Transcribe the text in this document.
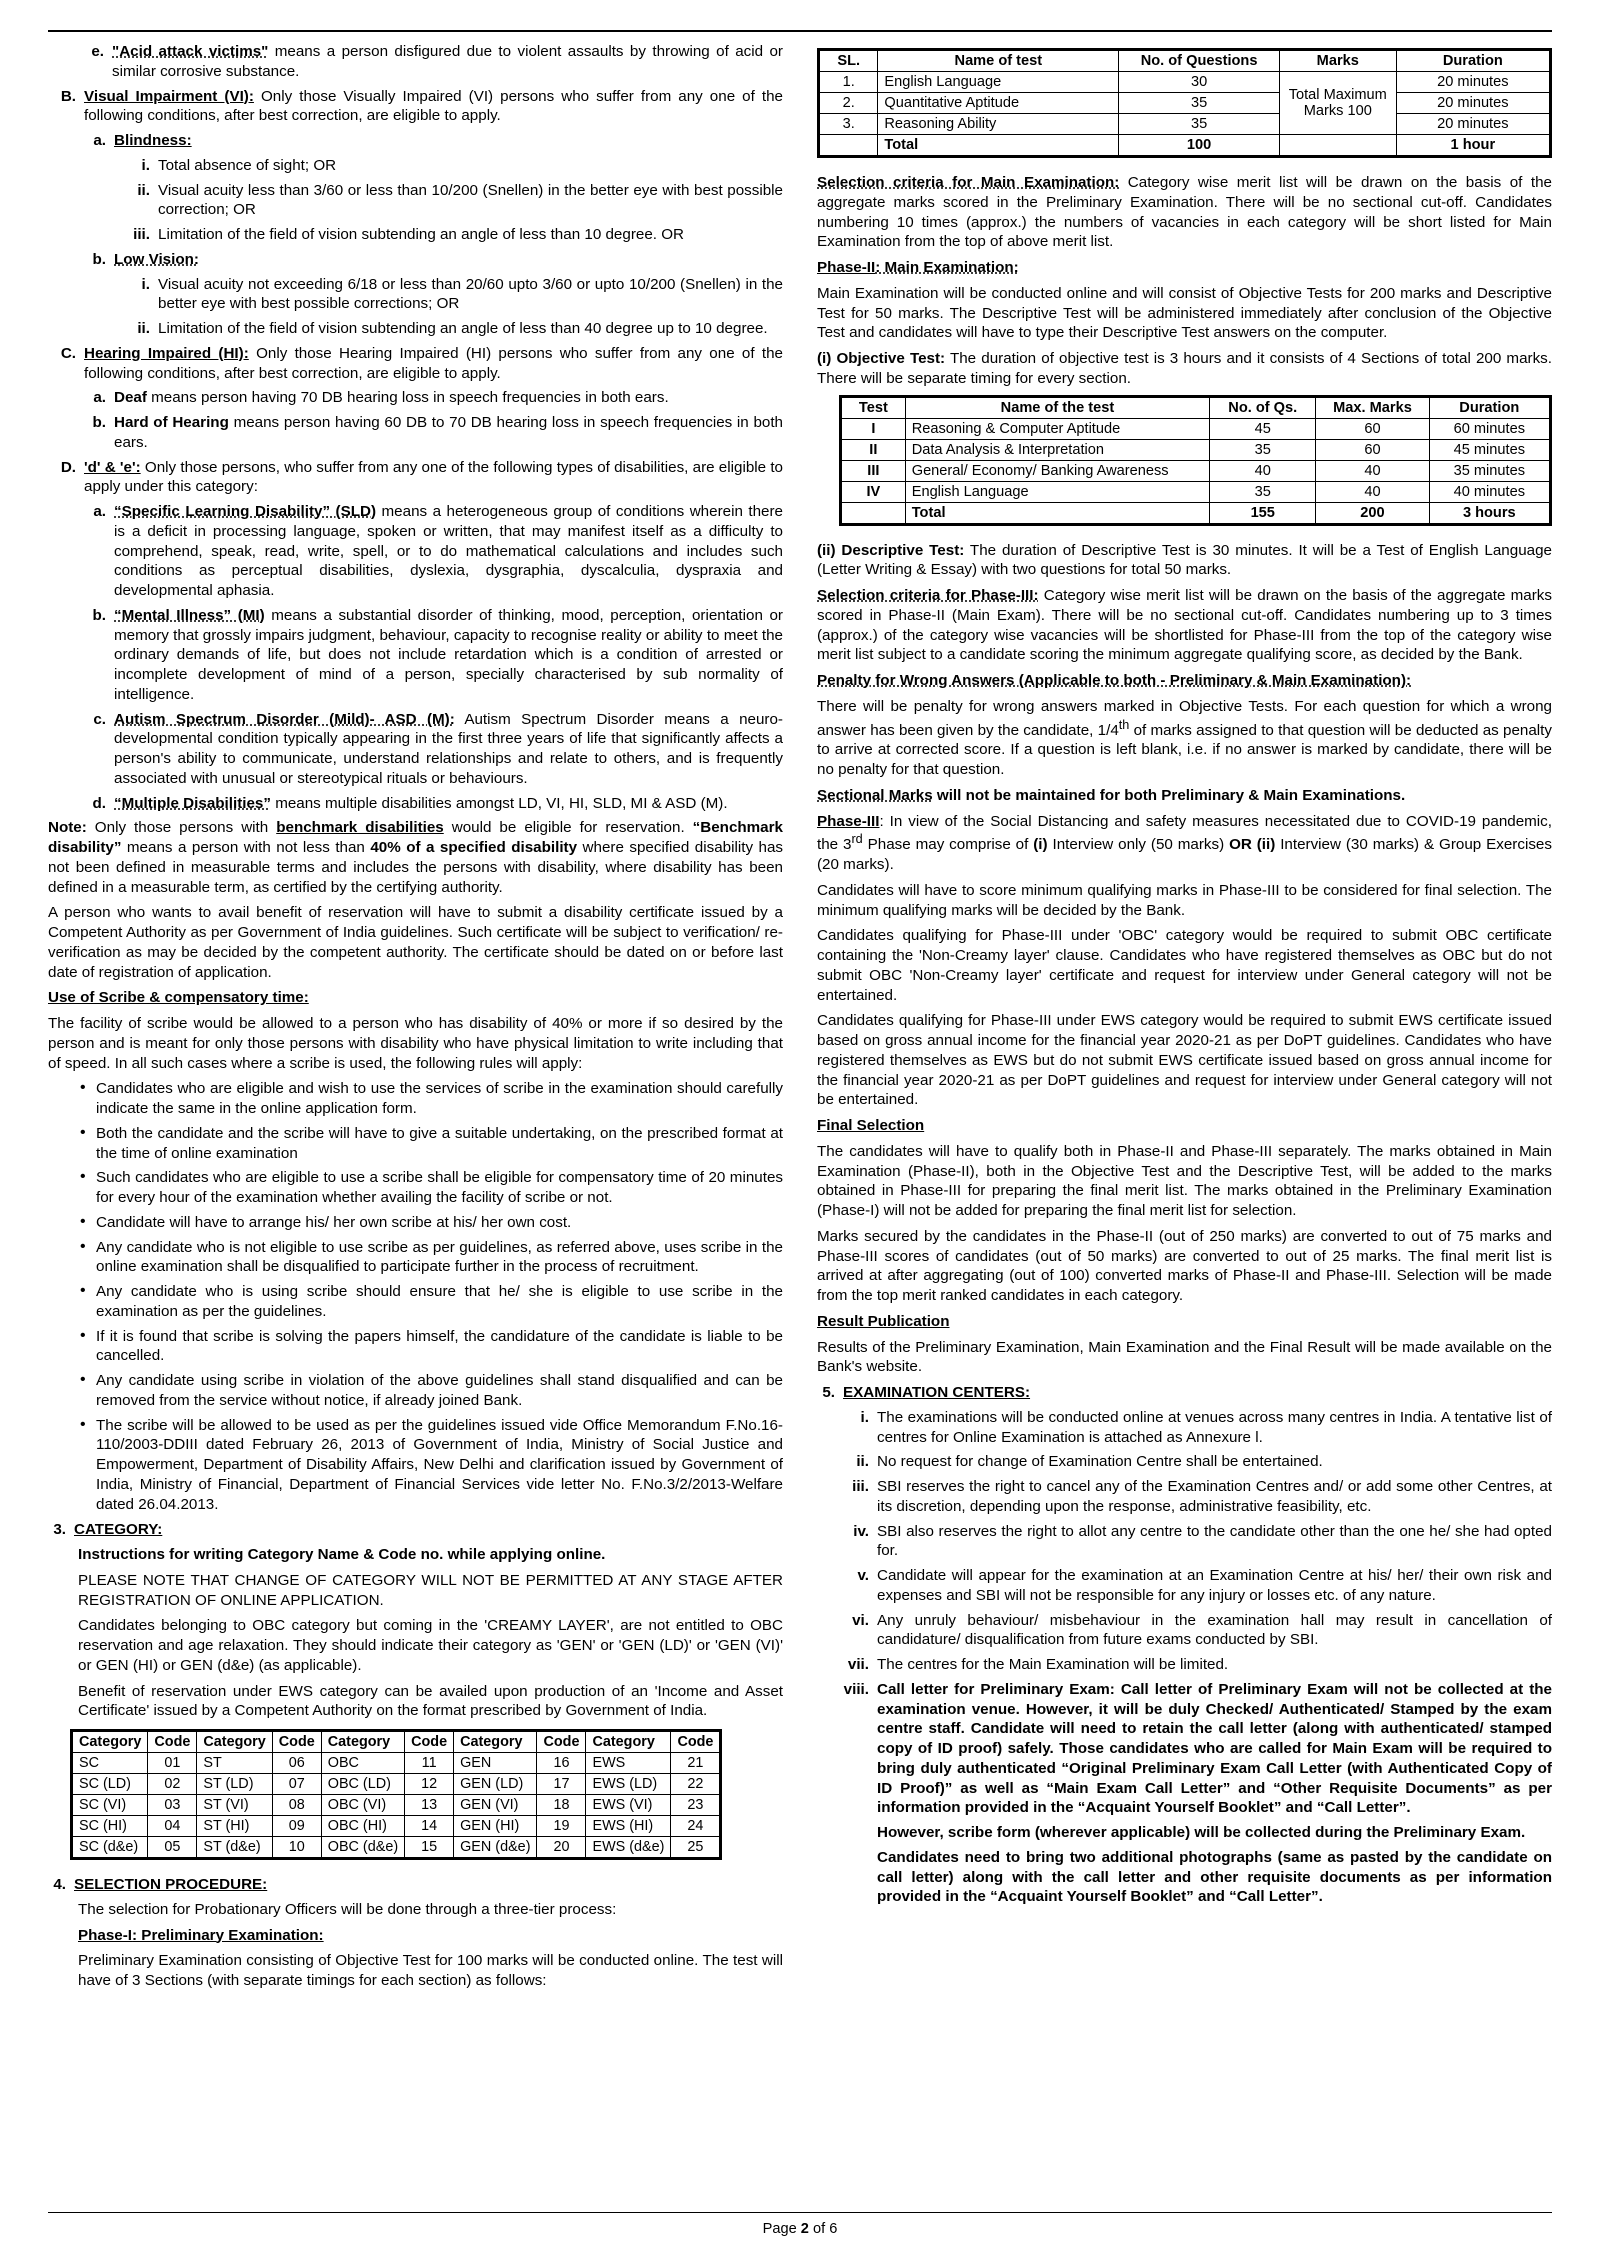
e. "Acid attack victims" means a person disfigured due to violent assaults by throwing of acid or similar corrosive substance.
B. Visual Impairment (VI): Only those Visually Impaired (VI) persons who suffer from any one of the following conditions, after best correction, are eligible to apply.
a. Blindness:
i. Total absence of sight; OR
ii. Visual acuity less than 3/60 or less than 10/200 (Snellen) in the better eye with best possible correction; OR
iii. Limitation of the field of vision subtending an angle of less than 10 degree. OR
b. Low Vision:
i. Visual acuity not exceeding 6/18 or less than 20/60 upto 3/60 or upto 10/200 (Snellen) in the better eye with best possible corrections; OR
ii. Limitation of the field of vision subtending an angle of less than 40 degree up to 10 degree.
C. Hearing Impaired (HI): Only those Hearing Impaired (HI) persons who suffer from any one of the following conditions, after best correction, are eligible to apply.
a. Deaf means person having 70 DB hearing loss in speech frequencies in both ears.
b. Hard of Hearing means person having 60 DB to 70 DB hearing loss in speech frequencies in both ears.
D. 'd' & 'e': Only those persons, who suffer from any one of the following types of disabilities, are eligible to apply under this category:
a. “Specific Learning Disability” (SLD) means a heterogeneous group of conditions wherein there is a deficit in processing language, spoken or written, that may manifest itself as a difficulty to comprehend, speak, read, write, spell, or to do mathematical calculations and includes such conditions as perceptual disabilities, dyslexia, dysgraphia, dyscalculia, dyspraxia and developmental aphasia.
b. “Mental Illness” (MI) means a substantial disorder of thinking, mood, perception, orientation or memory that grossly impairs judgment, behaviour, capacity to recognise reality or ability to meet the ordinary demands of life, but does not include retardation which is a condition of arrested or incomplete development of mind of a person, specially characterised by sub normality of intelligence.
c. Autism Spectrum Disorder (Mild)- ASD (M): Autism Spectrum Disorder means a neuro-developmental condition typically appearing in the first three years of life that significantly affects a person's ability to communicate, understand relationships and relate to others, and is frequently associated with unusual or stereotypical rituals or behaviours.
d. “Multiple Disabilities” means multiple disabilities amongst LD, VI, HI, SLD, MI & ASD (M).

Note: Only those persons with benchmark disabilities would be eligible for reservation. “Benchmark disability” means a person with not less than 40% of a specified disability where specified disability has not been defined in measurable terms and includes the persons with disability, where disability has been defined in a measurable term, as certified by the certifying authority.

A person who wants to avail benefit of reservation will have to submit a disability certificate issued by a Competent Authority as per Government of India guidelines. Such certificate will be subject to verification/ re-verification as may be decided by the competent authority. The certificate should be dated on or before last date of registration of application.

Use of Scribe & compensatory time:

The facility of scribe would be allowed to a person who has disability of 40% or more if so desired by the person and is meant for only those persons with disability who have physical limitation to write including that of speed. In all such cases where a scribe is used, the following rules will apply:

• Candidates who are eligible and wish to use the services of scribe in the examination should carefully indicate the same in the online application form.
• Both the candidate and the scribe will have to give a suitable undertaking, on the prescribed format at the time of online examination
• Such candidates who are eligible to use a scribe shall be eligible for compensatory time of 20 minutes for every hour of the examination whether availing the facility of scribe or not.
• Candidate will have to arrange his/ her own scribe at his/ her own cost.
• Any candidate who is not eligible to use scribe as per guidelines, as referred above, uses scribe in the online examination shall be disqualified to participate further in the process of recruitment.
• Any candidate who is using scribe should ensure that he/ she is eligible to use scribe in the examination as per the guidelines.
• If it is found that scribe is solving the papers himself, the candidature of the candidate is liable to be cancelled.
• Any candidate using scribe in violation of the above guidelines shall stand disqualified and can be removed from the service without notice, if already joined Bank.
• The scribe will be allowed to be used as per the guidelines issued vide Office Memorandum F.No.16-110/2003-DDIII dated February 26, 2013 of Government of India, Ministry of Social Justice and Empowerment, Department of Disability Affairs, New Delhi and clarification issued by Government of India, Ministry of Financial, Department of Financial Services vide letter No. F.No.3/2/2013-Welfare dated 26.04.2013.
3. CATEGORY:

Instructions for writing Category Name & Code no. while applying online.

PLEASE NOTE THAT CHANGE OF CATEGORY WILL NOT BE PERMITTED AT ANY STAGE AFTER REGISTRATION OF ONLINE APPLICATION.

Candidates belonging to OBC category but coming in the 'CREAMY LAYER', are not entitled to OBC reservation and age relaxation. They should indicate their category as 'GEN' or 'GEN (LD)' or 'GEN (VI)' or GEN (HI) or GEN (d&e) (as applicable).

Benefit of reservation under EWS category can be availed upon production of an 'Income and Asset Certificate' issued by a Competent Authority on the format prescribed by Government of India.

Category	Code	Category	Code	Category	Code	Category	Code	Category	Code
SC	01	ST	06	OBC	11	GEN	16	EWS	21
SC (LD)	02	ST (LD)	07	OBC (LD)	12	GEN (LD)	17	EWS (LD)	22
SC (VI)	03	ST (VI)	08	OBC (VI)	13	GEN (VI)	18	EWS (VI)	23
SC (HI)	04	ST (HI)	09	OBC (HI)	14	GEN (HI)	19	EWS (HI)	24
SC (d&e)	05	ST (d&e)	10	OBC (d&e)	15	GEN (d&e)	20	EWS (d&e)	25
4. SELECTION PROCEDURE:

The selection for Probationary Officers will be done through a three-tier process:

Phase-I: Preliminary Examination:

Preliminary Examination consisting of Objective Test for 100 marks will be conducted online. The test will have of 3 Sections (with separate timings for each section) as follows:

SL.	Name of test	No. of Questions	Marks	Duration
1.	English Language	30	Total Maximum Marks 100	20 minutes
2.	Quantitative Aptitude	35		20 minutes
3.	Reasoning Ability	35		20 minutes
	Total	100		1 hour

Selection criteria for Main Examination: Category wise merit list will be drawn on the basis of the aggregate marks scored in the Preliminary Examination. There will be no sectional cut-off. Candidates numbering 10 times (approx.) the numbers of vacancies in each category will be short listed for Main Examination from the top of above merit list.

Phase-II: Main Examination:

Main Examination will be conducted online and will consist of Objective Tests for 200 marks and Descriptive Test for 50 marks. The Descriptive Test will be administered immediately after conclusion of the Objective Test and candidates will have to type their Descriptive Test answers on the computer.

(i) Objective Test: The duration of objective test is 3 hours and it consists of 4 Sections of total 200 marks. There will be separate timing for every section.

Test	Name of the test	No. of Qs.	Max. Marks	Duration
I	Reasoning & Computer Aptitude	45	60	60 minutes
II	Data Analysis & Interpretation	35	60	45 minutes
III	General/ Economy/ Banking Awareness	40	40	35 minutes
IV	English Language	35	40	40 minutes
	Total	155	200	3 hours

(ii) Descriptive Test: The duration of Descriptive Test is 30 minutes. It will be a Test of English Language (Letter Writing & Essay) with two questions for total 50 marks.

Selection criteria for Phase-III: Category wise merit list will be drawn on the basis of the aggregate marks scored in Phase-II (Main Exam). There will be no sectional cut-off. Candidates numbering up to 3 times (approx.) of the category wise vacancies will be shortlisted for Phase-III from the top of the category wise merit list subject to a candidate scoring the minimum aggregate qualifying score, as decided by the Bank.

Penalty for Wrong Answers (Applicable to both - Preliminary & Main Examination):

There will be penalty for wrong answers marked in Objective Tests. For each question for which a wrong answer has been given by the candidate, 1/4th of marks assigned to that question will be deducted as penalty to arrive at corrected score. If a question is left blank, i.e. if no answer is marked by candidate, there will be no penalty for that question.

Sectional Marks will not be maintained for both Preliminary & Main Examinations.

Phase-III: In view of the Social Distancing and safety measures necessitated due to COVID-19 pandemic, the 3rd Phase may comprise of (i) Interview only (50 marks) OR (ii) Interview (30 marks) & Group Exercises (20 marks).

Candidates will have to score minimum qualifying marks in Phase-III to be considered for final selection. The minimum qualifying marks will be decided by the Bank.

Candidates qualifying for Phase-III under 'OBC' category would be required to submit OBC certificate containing the 'Non-Creamy layer' clause. Candidates who have registered themselves as OBC but do not submit OBC 'Non-Creamy layer' certificate and request for interview under General category will not be entertained.

Candidates qualifying for Phase-III under EWS category would be required to submit EWS certificate issued based on gross annual income for the financial year 2020-21 as per DoPT guidelines. Candidates who have registered themselves as EWS but do not submit EWS certificate issued based on gross annual income for the financial year 2020-21 as per DoPT guidelines and request for interview under General category will not be entertained.

Final Selection

The candidates will have to qualify both in Phase-II and Phase-III separately. The marks obtained in Main Examination (Phase-II), both in the Objective Test and the Descriptive Test, will be added to the marks obtained in Phase-III for preparing the final merit list. The marks obtained in the Preliminary Examination (Phase-I) will not be added for preparing the final merit list for selection.

Marks secured by the candidates in the Phase-II (out of 250 marks) are converted to out of 75 marks and Phase-III scores of candidates (out of 50 marks) are converted to out of 25 marks. The final merit list is arrived at after aggregating (out of 100) converted marks of Phase-II and Phase-III. Selection will be made from the top merit ranked candidates in each category.

Result Publication

Results of the Preliminary Examination, Main Examination and the Final Result will be made available on the Bank's website.

5. EXAMINATION CENTERS:
i. The examinations will be conducted online at venues across many centres in India. A tentative list of centres for Online Examination is attached as Annexure l.
ii. No request for change of Examination Centre shall be entertained.
iii. SBI reserves the right to cancel any of the Examination Centres and/ or add some other Centres, at its discretion, depending upon the response, administrative feasibility, etc.
iv. SBI also reserves the right to allot any centre to the candidate other than the one he/ she had opted for.
v. Candidate will appear for the examination at an Examination Centre at his/ her/ their own risk and expenses and SBI will not be responsible for any injury or losses etc. of any nature.
vi. Any unruly behaviour/ misbehaviour in the examination hall may result in cancellation of candidature/ disqualification from future exams conducted by SBI.
vii. The centres for the Main Examination will be limited.
viii. Call letter for Preliminary Exam: Call letter of Preliminary Exam will not be collected at the examination venue. However, it will be duly Checked/ Authenticated/ Stamped by the exam centre staff. Candidate will need to retain the call letter (along with authenticated/ stamped copy of ID proof) safely. Those candidates who are called for Main Exam will be required to bring duly authenticated “Original Preliminary Exam Call Letter (with Authenticated Copy of ID Proof)” as well as “Main Exam Call Letter” and “Other Requisite Documents” as per information provided in the “Acquaint Yourself Booklet” and “Call Letter”.
However, scribe form (wherever applicable) will be collected during the Preliminary Exam.
Candidates need to bring two additional photographs (same as pasted by the candidate on call letter) along with the call letter and other requisite documents as per information provided in the “Acquaint Yourself Booklet” and “Call Letter”.
Page 2 of 6
